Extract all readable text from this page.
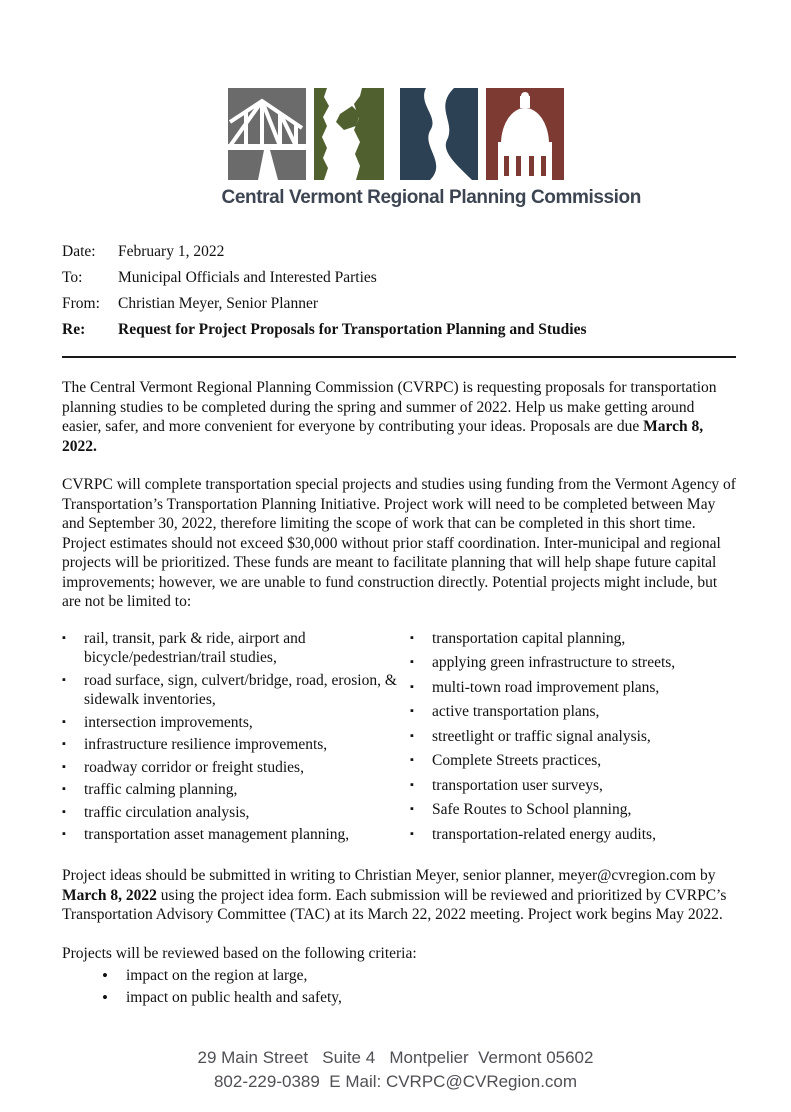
Central Vermont Regional Planning Commission
Date:	February 1, 2022
To:	Municipal Officials and Interested Parties
From:	Christian Meyer, Senior Planner
Re:	Request for Project Proposals for Transportation Planning and Studies

The Central Vermont Regional Planning Commission (CVRPC) is requesting proposals for transportation planning studies to be completed during the spring and summer of 2022. Help us make getting around easier, safer, and more convenient for everyone by contributing your ideas. Proposals are due March 8, 2022.

CVRPC will complete transportation special projects and studies using funding from the Vermont Agency of Transportation’s Transportation Planning Initiative. Project work will need to be completed between May and September 30, 2022, therefore limiting the scope of work that can be completed in this short time. Project estimates should not exceed $30,000 without prior staff coordination. Inter-municipal and regional projects will be prioritized. These funds are meant to facilitate planning that will help shape future capital improvements; however, we are unable to fund construction directly. Potential projects might include, but are not be limited to:

▪ rail, transit, park & ride, airport and bicycle/pedestrian/trail studies,
▪ road surface, sign, culvert/bridge, road, erosion, & sidewalk inventories,
▪ intersection improvements,
▪ infrastructure resilience improvements,
▪ roadway corridor or freight studies,
▪ traffic calming planning,
▪ traffic circulation analysis,
▪ transportation asset management planning,
▪ transportation capital planning,
▪ applying green infrastructure to streets,
▪ multi-town road improvement plans,
▪ active transportation plans,
▪ streetlight or traffic signal analysis,
▪ Complete Streets practices,
▪ transportation user surveys,
▪ Safe Routes to School planning,
▪ transportation-related energy audits,

Project ideas should be submitted in writing to Christian Meyer, senior planner, meyer@cvregion.com by March 8, 2022 using the project idea form. Each submission will be reviewed and prioritized by CVRPC’s Transportation Advisory Committee (TAC) at its March 22, 2022 meeting. Project work begins May 2022.

Projects will be reviewed based on the following criteria:

• impact on the region at large,
• impact on public health and safety,
29 Main Street   Suite 4   Montpelier  Vermont 05602
802-229-0389  E Mail: CVRPC@CVRegion.com
